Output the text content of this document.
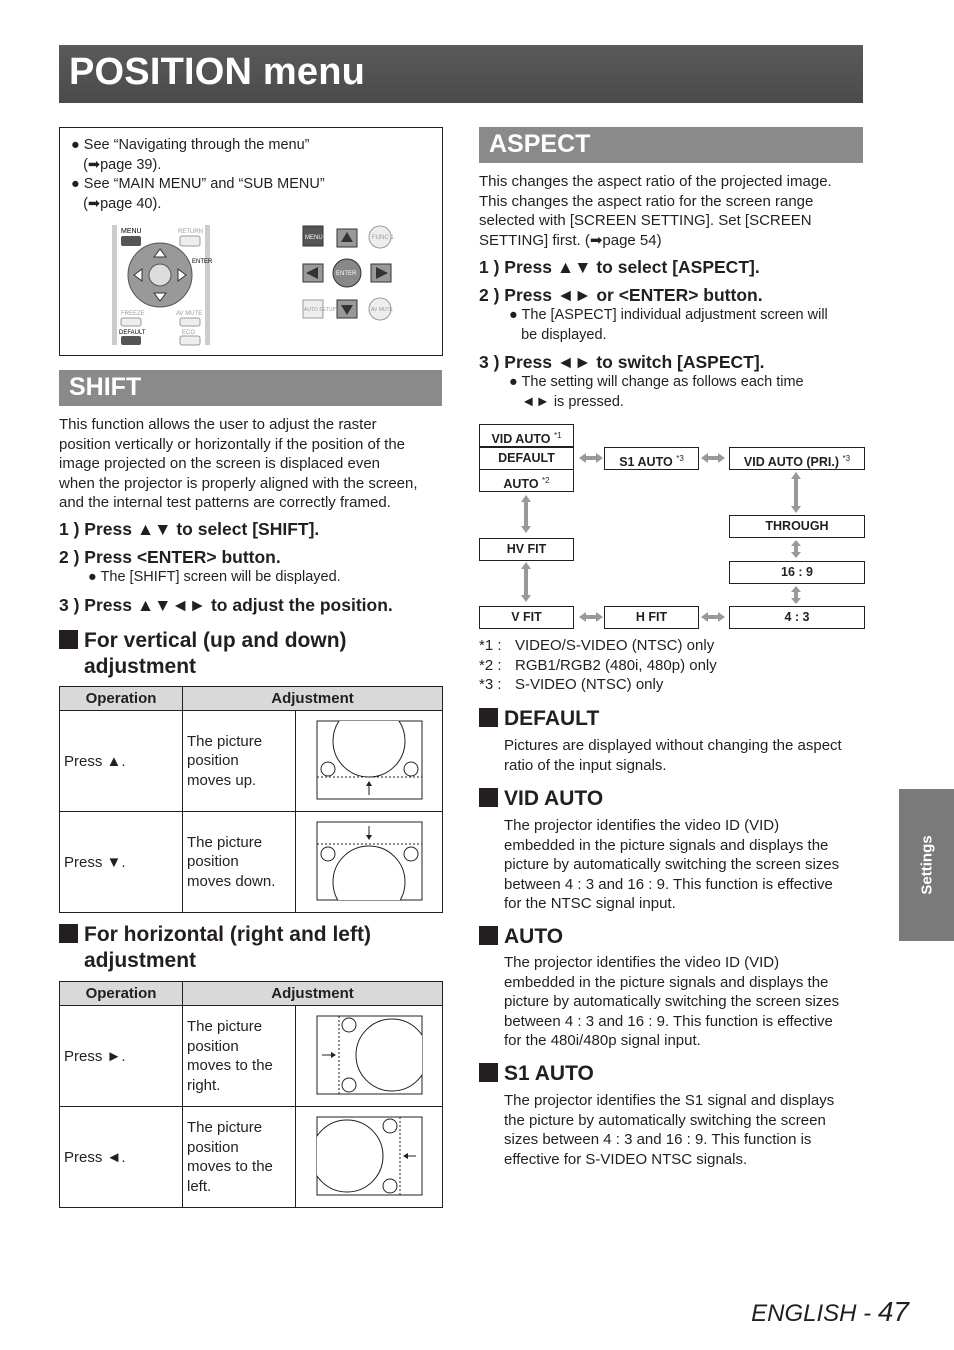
POSITION menu
● See “Navigating through the menu”
(➡page 39).
● See “MAIN MENU” and “SUB MENU”
(➡page 40).
MENU	RETURN
ENTER
FREEZE	AV MUTE
DEFAULT	ECO
MENU	FUNC 1
ENTER
AUTO SETUP	AV MUTE
SHIFT
This function allows the user to adjust the raster
position vertically or horizontally if the position of the
image projected on the screen is displaced even
when the projector is properly aligned with the screen,
and the internal test patterns are correctly framed.
1 ) Press ▲▼ to select [SHIFT].
2 ) Press <ENTER> button.
● The [SHIFT] screen will be displayed.
3 ) Press ▲▼◄► to adjust the position.
For vertical (up and down)
adjustment
Operation	Adjustment	
Press ▲.	The picture
position
moves up.

Press ▼.	The picture
position
moves down.

For horizontal (right and left)
adjustment
Operation	Adjustment	
Press ►.	The picture
position
moves to the
right.

Press ◄.	The picture
position
moves to the
left.

ASPECT
This changes the aspect ratio of the projected image.
This changes the aspect ratio for the screen range
selected with [SCREEN SETTING]. Set [SCREEN
SETTING] first. (➡page 54)
1 ) Press ▲▼ to select [ASPECT].
2 ) Press ◄► or <ENTER> button.
● The [ASPECT] individual adjustment screen will
be displayed.
3 ) Press ◄► to switch [ASPECT].
● The setting will change as follows each time
◄► is pressed.
VID AUTO $^{*1}$
DEFAULT
AUTO $^{*2}$
S1 AUTO $^{*3}$	VID AUTO (PRI.) $^{*3}$
THROUGH
HV FIT
16 : 9
V FIT	H FIT	4 : 3
*1 : VIDEO/S-VIDEO (NTSC) only
*2 : RGB1/RGB2 (480i, 480p) only
*3 : S-VIDEO (NTSC) only
DEFAULT
Pictures are displayed without changing the aspect
ratio of the input signals.
VID AUTO
The projector identifies the video ID (VID)
embedded in the picture signals and displays the
picture by automatically switching the screen sizes
between 4 : 3 and 16 : 9. This function is effective
for the NTSC signal input.
AUTO
The projector identifies the video ID (VID)
embedded in the picture signals and displays the
picture by automatically switching the screen sizes
between 4 : 3 and 16 : 9. This function is effective
for the 480i/480p signal input.
S1 AUTO
The projector identifies the S1 signal and displays
the picture by automatically switching the screen
sizes between 4 : 3 and 16 : 9. This function is
effective for S-VIDEO NTSC signals.
Settings
ENGLISH - 47
